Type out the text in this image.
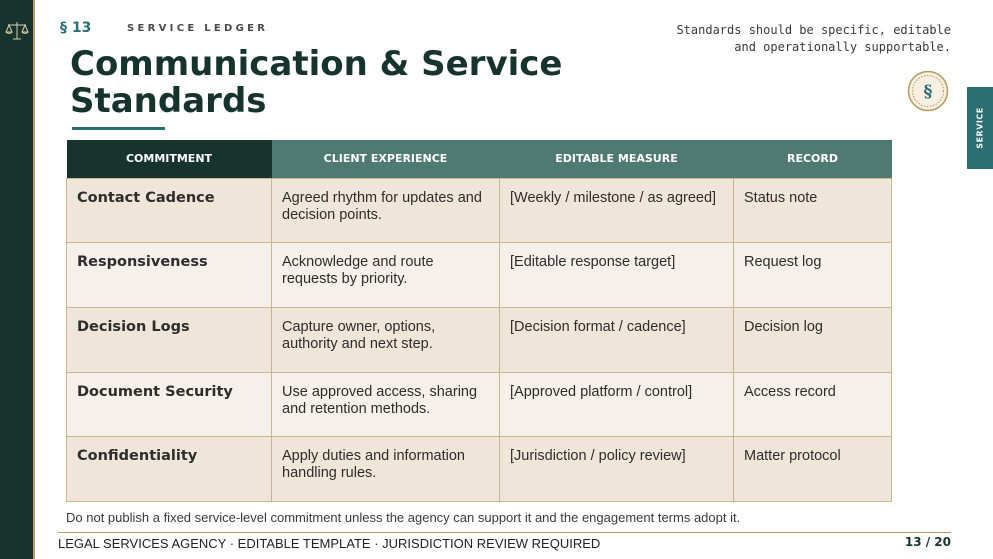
§ 13	SERVICE LEDGER
Communication & Service Standards
Standards should be specific, editable and operationally supportable.
§
SERVICE
COMMITMENT	CLIENT EXPERIENCE	EDITABLE MEASURE	RECORD
Contact Cadence	Agreed rhythm for updates and decision points.	[Weekly / milestone / as agreed]	Status note
Responsiveness	Acknowledge and route requests by priority.	[Editable response target]	Request log
Decision Logs	Capture owner, options, authority and next step.	[Decision format / cadence]	Decision log
Document Security	Use approved access, sharing and retention methods.	[Approved platform / control]	Access record
Confidentiality	Apply duties and information handling rules.	[Jurisdiction / policy review]	Matter protocol
Do not publish a fixed service-level commitment unless the agency can support it and the engagement terms adopt it.
LEGAL SERVICES AGENCY · EDITABLE TEMPLATE · JURISDICTION REVIEW REQUIRED	13 / 20
